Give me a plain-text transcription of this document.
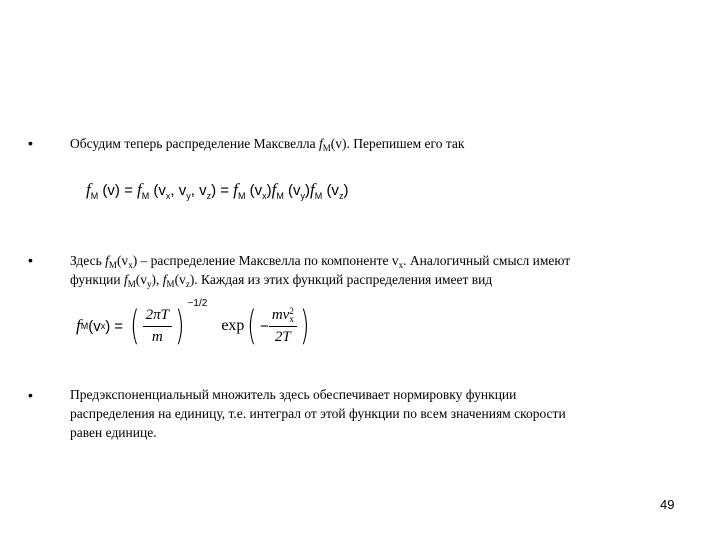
•	Обсудим теперь распределение Максвелла $f_M(v)$. Перепишем его так
$f_M$ $(v) = f_M$ ($v_x$, $v_y$, $v_z) = f_M$ $(v_x)f_M$ $(v_y)f_M$ $(v_z)$
•	Здесь $f_M(v_x)$ – распределение Максвелла по компоненте $v_x$. Аналогичный смысл имеют
функции $f_M(v_y)$, $f_M(v_z)$. Каждая из этих функций распределения имеет вид
f M (v x ) = ( $\frac{2\pi T}{m}$ ) −1/2
exp ( − mv 2
x
2T )
•	Предэкспоненциальный множитель здесь обеспечивает нормировку функции
распределения на единицу, т.е. интеграл от этой функции по всем значениям скорости
равен единице.
49
